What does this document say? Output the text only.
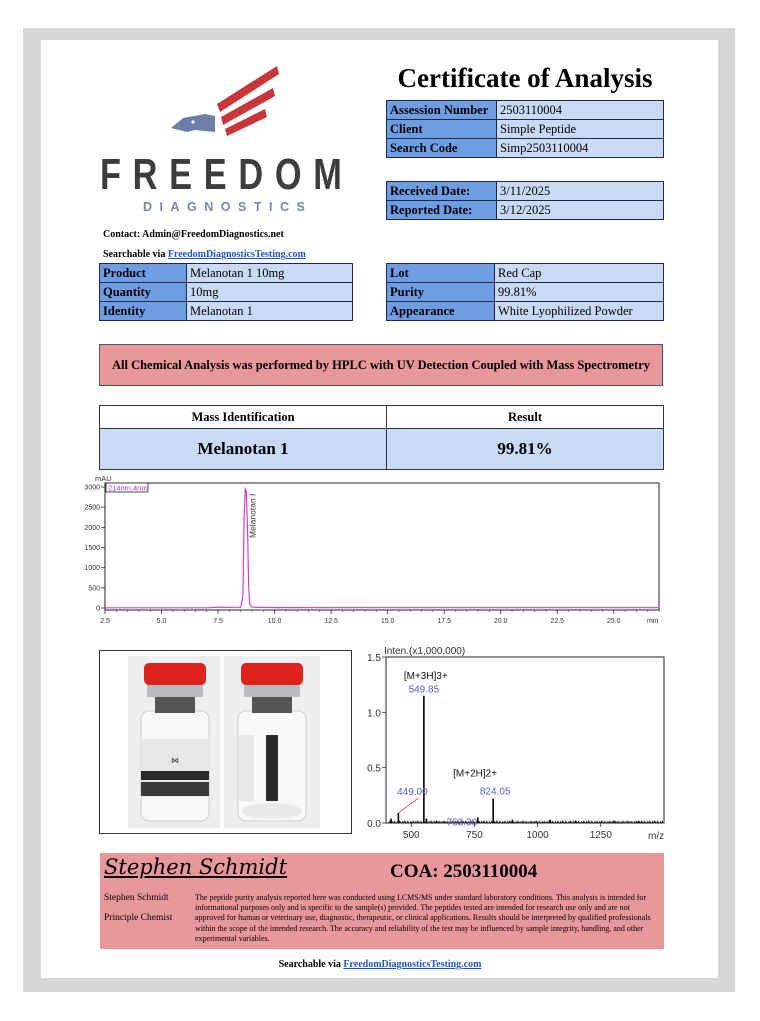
FREEDOM
DIAGNOSTICS
Contact: Admin@FreedomDiagnostics.net
Searchable via FreedomDiagnosticsTesting.com
Certificate of Analysis
Assession Number	2503110004
Client	Simple Peptide
Search Code	Simp2503110004
Received Date:	3/11/2025
Reported Date:	3/12/2025
Product	Melanotan 1 10mg
Quantity	10mg
Identity	Melanotan 1
Lot	Red Cap
Purity	99.81%
Appearance	White Lyophilized Powder
All Chemical Analysis was performed by HPLC with UV Detection Coupled with Mass Spectrometry
Mass Identification	Result
Melanotan 1	99.81%
2.5	5.0	7.5	10.0	12.5	15.0	17.5	20.0	22.5	25.0
0
500
1000
1500
2000
2500
3000
mAU
214nm,4nm
min
Melanotan I
⋈
500	750	1000	1250
0.0
0.5
1.0
1.5
449.00
549.85
763.30
824.05
Inten.(x1,000,000)
m/z
[M+3H]3+
[M+2H]2+
Stephen Schmidt	COA: 2503110004
Stephen Schmidt
Principle Chemist
The peptide purity analysis reported here was conducted using LCMS/MS under standard laboratory conditions. This analysis is intended for informational purposes only and is specific to the sample(s) provided. The peptides tested are intended for research use only and are not approved for human or veterinary use, diagnostic, therapeutic, or clinical applications. Results should be interpreted by qualified professionals within the scope of the intended research. The accuracy and reliability of the test may be influenced by sample integrity, handling, and other experimental variables.
Searchable via FreedomDiagnosticsTesting.com
